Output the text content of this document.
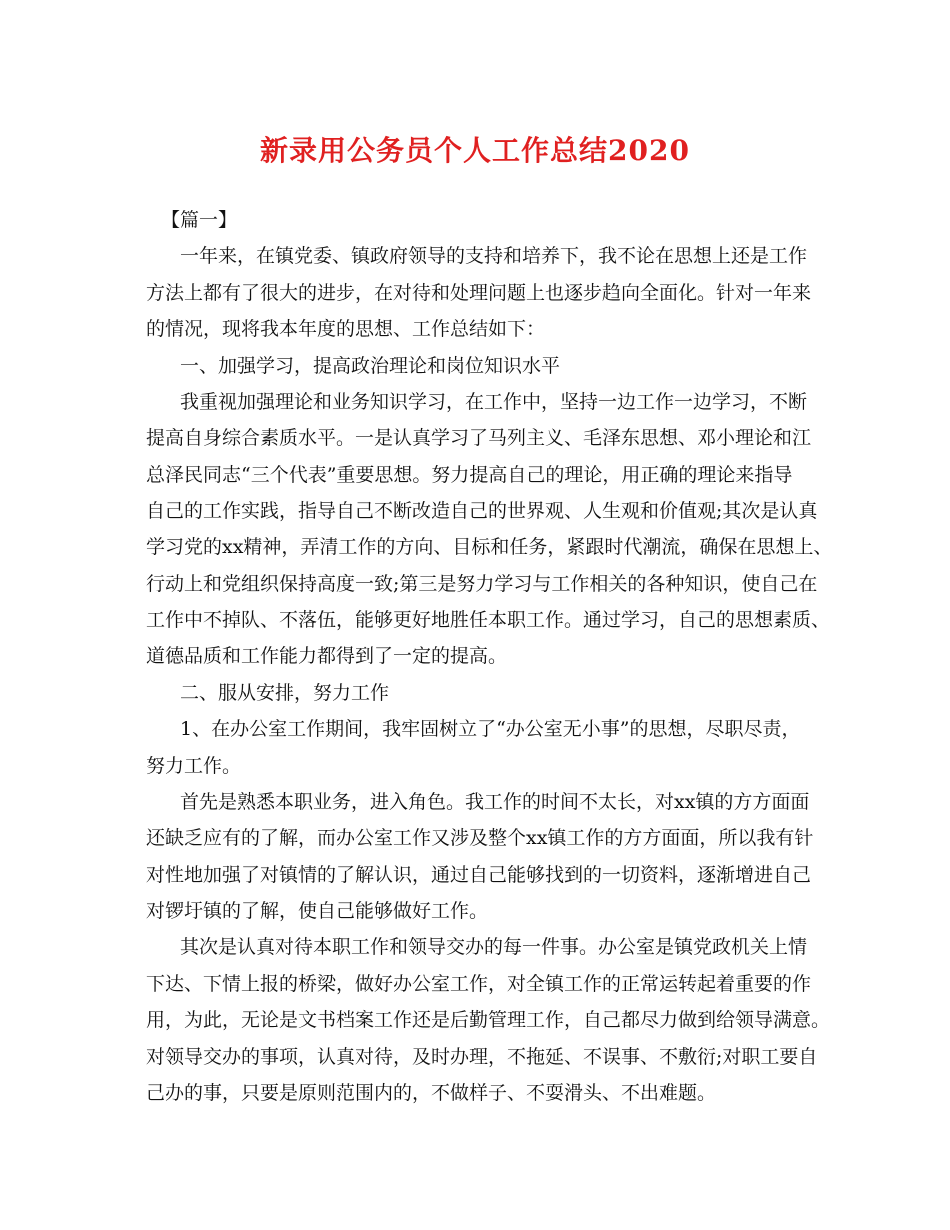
新录用公务员个人工作总结2020
【篇一】
一年来，在镇党委、镇政府领导的支持和培养下，我不论在思想上还是工作
方法上都有了很大的进步，在对待和处理问题上也逐步趋向全面化。针对一年来
的情况，现将我本年度的思想、工作总结如下：
一、加强学习，提高政治理论和岗位知识水平
我重视加强理论和业务知识学习，在工作中，坚持一边工作一边学习，不断
提高自身综合素质水平。一是认真学习了马列主义、毛泽东思想、邓小理论和江
总泽民同志“三个代表”重要思想。努力提高自己的理论，用正确的理论来指导
自己的工作实践，指导自己不断改造自己的世界观、人生观和价值观;其次是认真
学习党的xx精神，弄清工作的方向、目标和任务，紧跟时代潮流，确保在思想上、
行动上和党组织保持高度一致;第三是努力学习与工作相关的各种知识，使自己在
工作中不掉队、不落伍，能够更好地胜任本职工作。通过学习，自己的思想素质、
道德品质和工作能力都得到了一定的提高。
二、服从安排，努力工作
1、在办公室工作期间，我牢固树立了“办公室无小事”的思想，尽职尽责，
努力工作。
首先是熟悉本职业务，进入角色。我工作的时间不太长，对xx镇的方方面面
还缺乏应有的了解，而办公室工作又涉及整个xx镇工作的方方面面，所以我有针
对性地加强了对镇情的了解认识，通过自己能够找到的一切资料，逐渐增进自己
对锣圩镇的了解，使自己能够做好工作。
其次是认真对待本职工作和领导交办的每一件事。办公室是镇党政机关上情
下达、下情上报的桥梁，做好办公室工作，对全镇工作的正常运转起着重要的作
用，为此，无论是文书档案工作还是后勤管理工作，自己都尽力做到给领导满意。
对领导交办的事项，认真对待，及时办理，不拖延、不误事、不敷衍;对职工要自
己办的事，只要是原则范围内的，不做样子、不耍滑头、不出难题。
